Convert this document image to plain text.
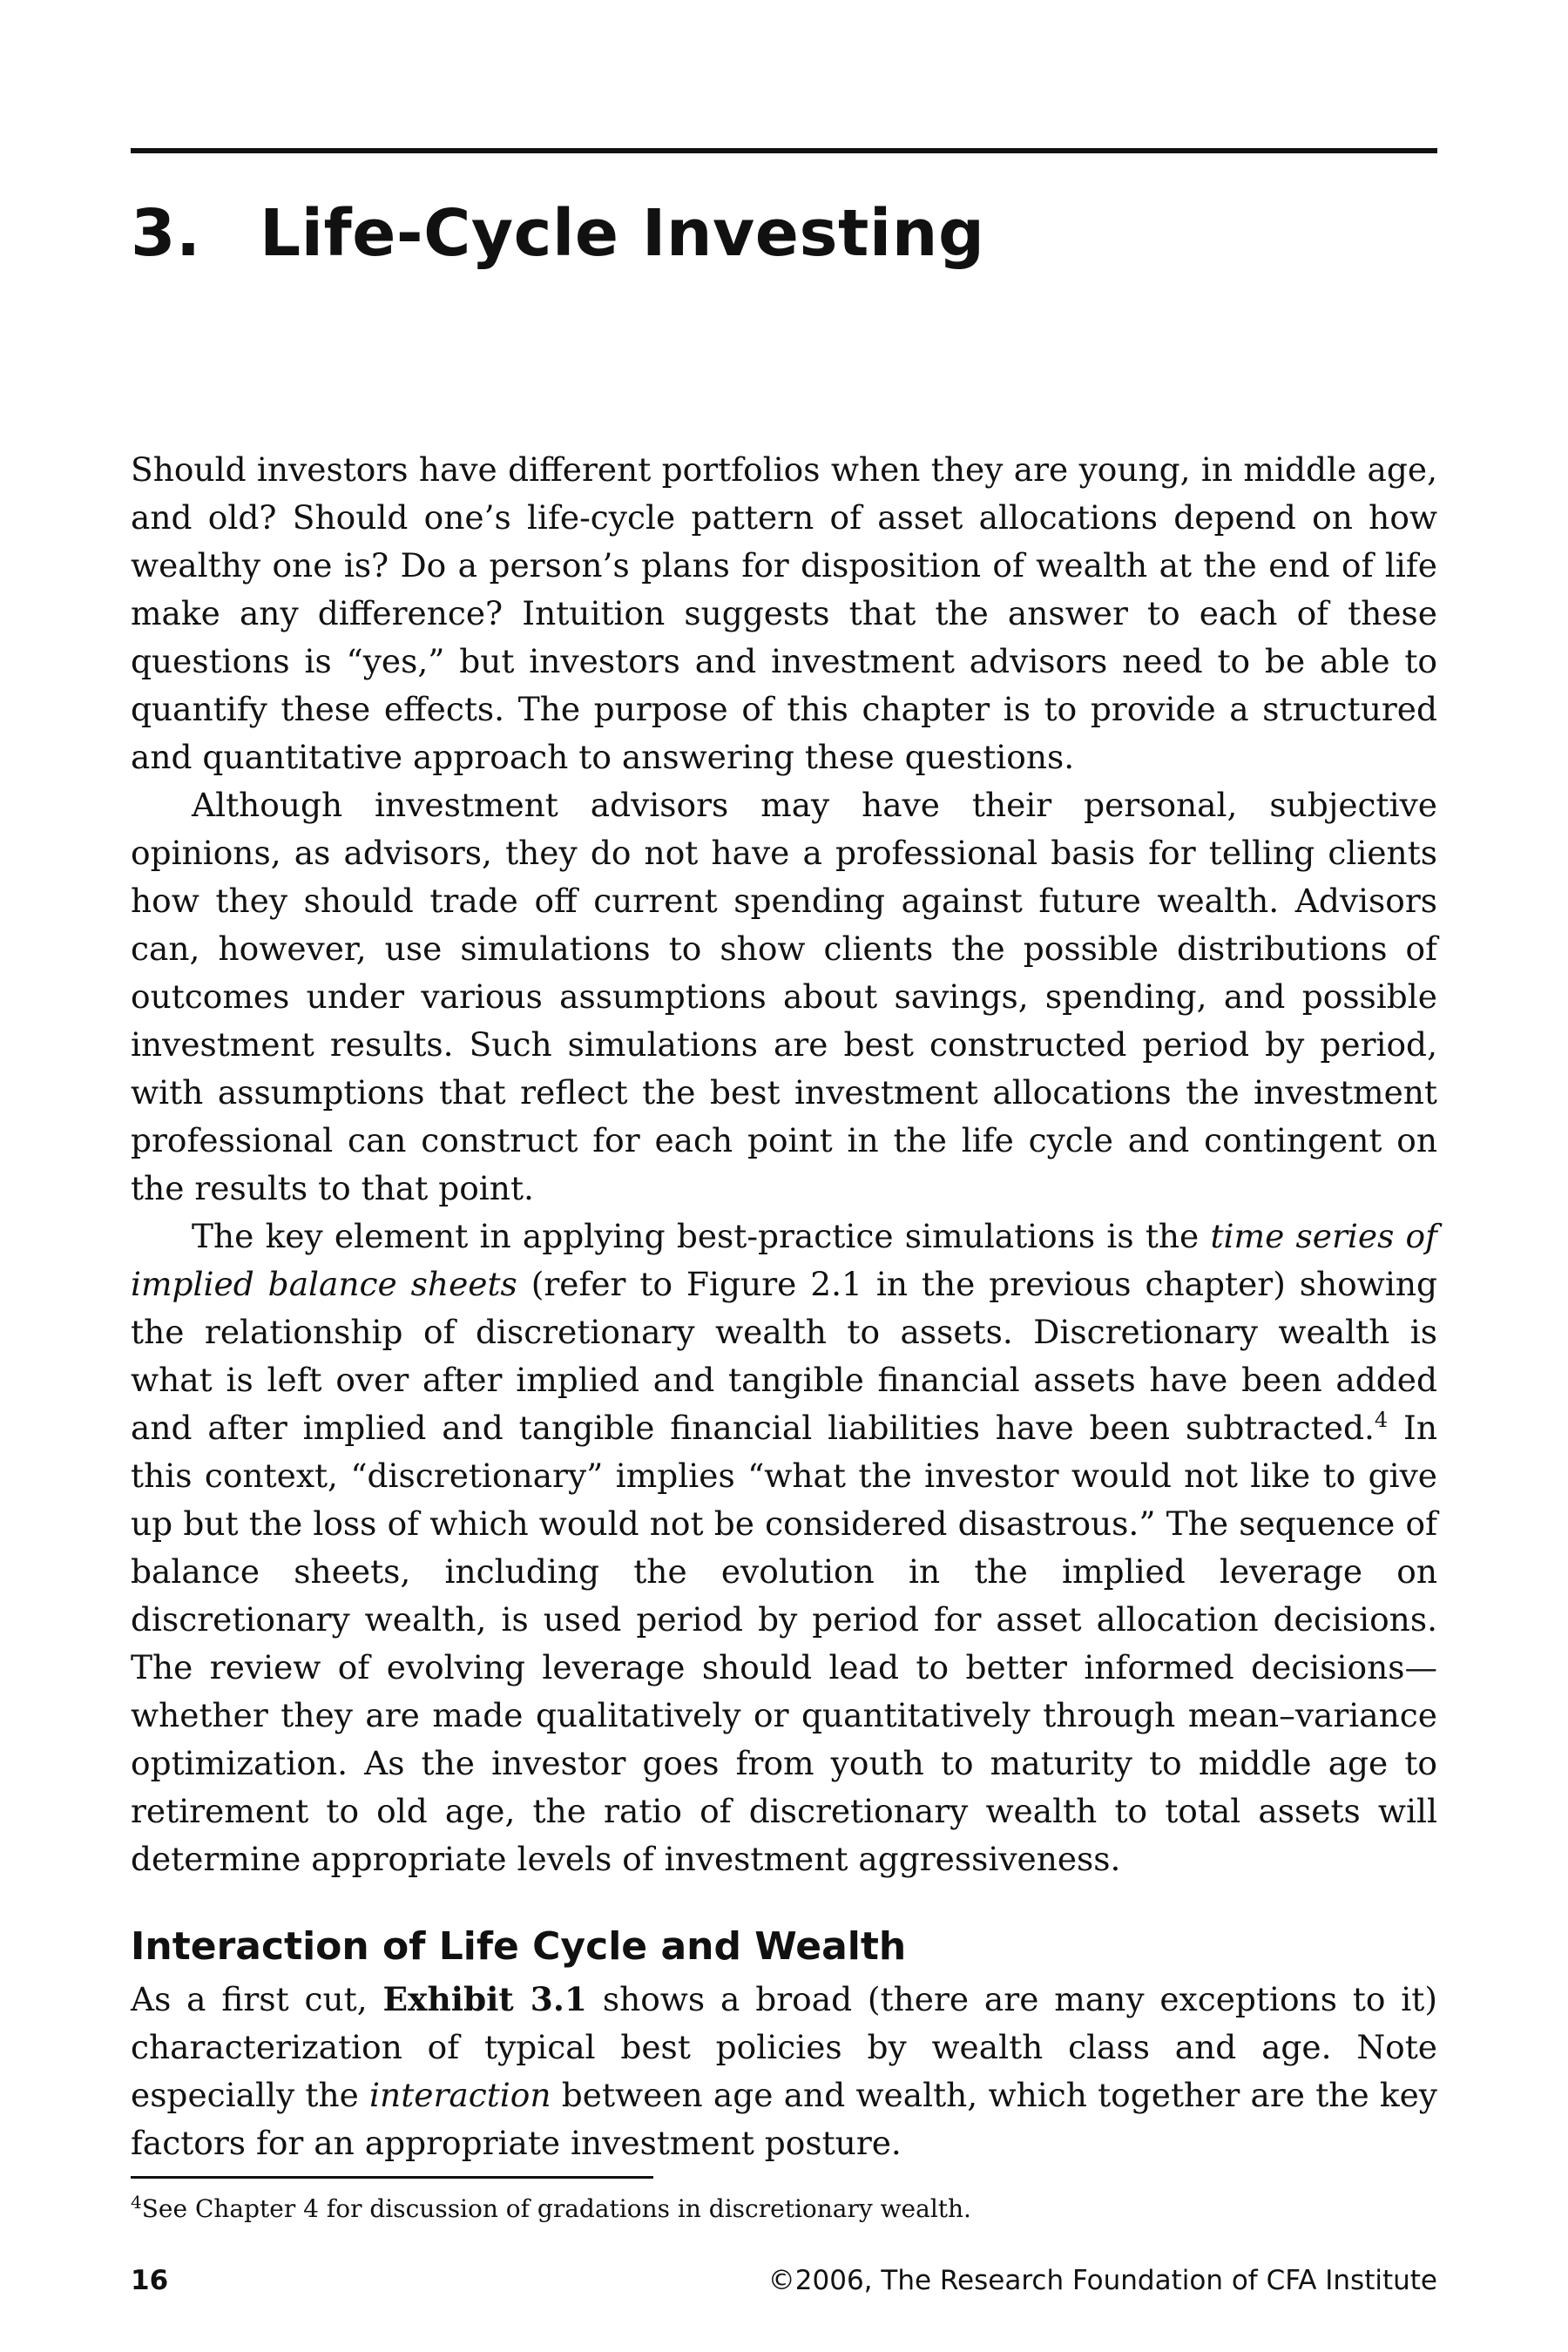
3. Life-Cycle Investing

Should investors have different portfolios when they are young, in middle age, and old? Should one’s life-cycle pattern of asset allocations depend on how wealthy one is? Do a person’s plans for disposition of wealth at the end of life make any difference? Intuition suggests that the answer to each of these questions is “yes,” but investors and investment advisors need to be able to quantify these effects. The purpose of this chapter is to provide a structured and quantitative approach to answering these questions.

Although investment advisors may have their personal, subjective opinions, as advisors, they do not have a professional basis for telling clients how they should trade off current spending against future wealth. Advisors can, however, use simulations to show clients the possible distributions of outcomes under various assumptions about savings, spending, and possible investment results. Such simulations are best constructed period by period, with assumptions that reflect the best investment allocations the investment professional can construct for each point in the life cycle and contingent on the results to that point.

The key element in applying best-practice simulations is the time series of implied balance sheets (refer to Figure 2.1 in the previous chapter) showing the relationship of discretionary wealth to assets. Discretionary wealth is what is left over after implied and tangible financial assets have been added and after implied and tangible financial liabilities have been subtracted.$^4$ In this context, “discretionary” implies “what the investor would not like to give up but the loss of which would not be considered disastrous.” The sequence of balance sheets, including the evolution in the implied leverage on discretionary wealth, is used period by period for asset allocation decisions. The review of evolving leverage should lead to better informed decisions—whether they are made qualitatively or quantitatively through mean–variance optimization. As the investor goes from youth to maturity to middle age to retirement to old age, the ratio of discretionary wealth to total assets will determine appropriate levels of investment aggressiveness.

Interaction of Life Cycle and Wealth

As a first cut, Exhibit 3.1 shows a broad (there are many exceptions to it) characterization of typical best policies by wealth class and age. Note especially the interaction between age and wealth, which together are the key factors for an appropriate investment posture.

$^4$See Chapter 4 for discussion of gradations in discretionary wealth.

16	©2006, The Research Foundation of CFA Institute
